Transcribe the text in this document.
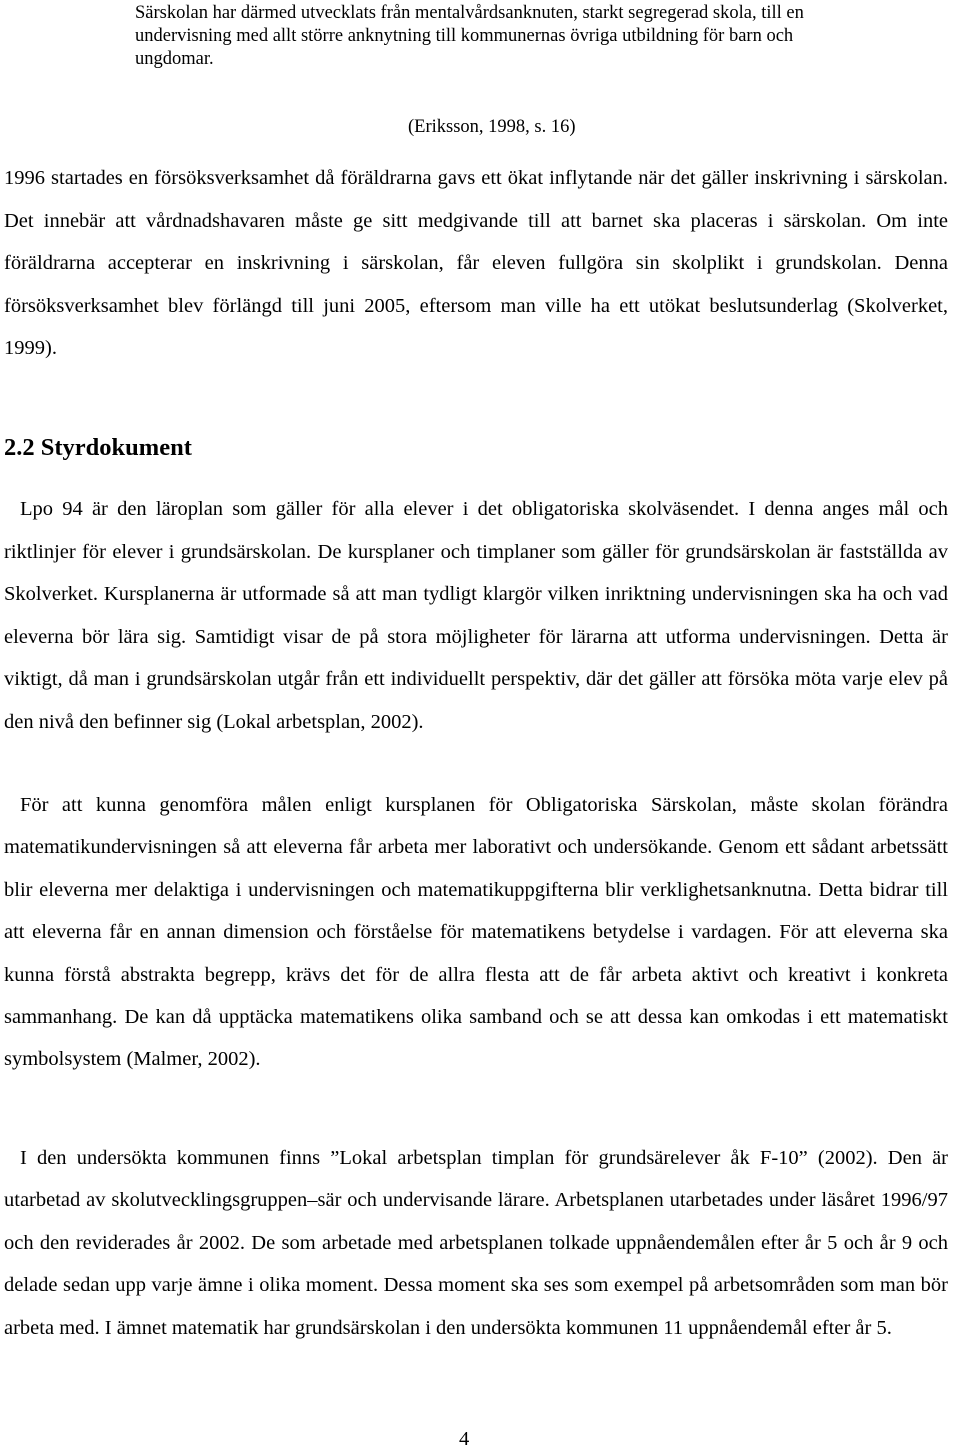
Särskolan har därmed utvecklats från mentalvårdsanknuten, starkt segregerad skola, till en undervisning med allt större anknytning till kommunernas övriga utbildning för barn och ungdomar.
(Eriksson, 1998, s. 16)
1996 startades en försöksverksamhet då föräldrarna gavs ett ökat inflytande när det gäller inskrivning i särskolan. Det innebär att vårdnadshavaren måste ge sitt medgivande till att barnet ska placeras i särskolan. Om inte föräldrarna accepterar en inskrivning i särskolan, får eleven fullgöra sin skolplikt i grundskolan. Denna försöksverksamhet blev förlängd till juni 2005, eftersom man ville ha ett utökat beslutsunderlag (Skolverket, 1999).
2.2 Styrdokument
Lpo 94 är den läroplan som gäller för alla elever i det obligatoriska skolväsendet. I denna anges mål och riktlinjer för elever i grundsärskolan. De kursplaner och timplaner som gäller för grundsärskolan är fastställda av Skolverket. Kursplanerna är utformade så att man tydligt klargör vilken inriktning undervisningen ska ha och vad eleverna bör lära sig. Samtidigt visar de på stora möjligheter för lärarna att utforma undervisningen. Detta är viktigt, då man i grundsärskolan utgår från ett individuellt perspektiv, där det gäller att försöka möta varje elev på den nivå den befinner sig (Lokal arbetsplan, 2002).
För att kunna genomföra målen enligt kursplanen för Obligatoriska Särskolan, måste skolan förändra matematikundervisningen så att eleverna får arbeta mer laborativt och undersökande. Genom ett sådant arbetssätt blir eleverna mer delaktiga i undervisningen och matematikuppgifterna blir verklighetsanknutna. Detta bidrar till att eleverna får en annan dimension och förståelse för matematikens betydelse i vardagen. För att eleverna ska kunna förstå abstrakta begrepp, krävs det för de allra flesta att de får arbeta aktivt och kreativt i konkreta sammanhang. De kan då upptäcka matematikens olika samband och se att dessa kan omkodas i ett matematiskt symbolsystem (Malmer, 2002).
I den undersökta kommunen finns ”Lokal arbetsplan timplan för grundsärelever åk F-10” (2002). Den är utarbetad av skolutvecklingsgruppen–sär och undervisande lärare. Arbetsplanen utarbetades under läsåret 1996/97 och den reviderades år 2002. De som arbetade med arbetsplanen tolkade uppnåendemålen efter år 5 och år 9 och delade sedan upp varje ämne i olika moment. Dessa moment ska ses som exempel på arbetsområden som man bör arbeta med. I ämnet matematik har grundsärskolan i den undersökta kommunen 11 uppnåendemål efter år 5.
4
